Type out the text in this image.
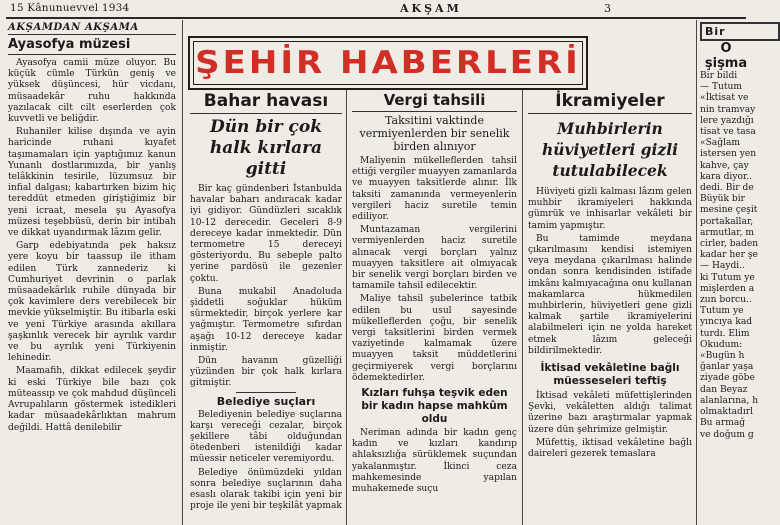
15 Kânunuevvel 1934	AKŞAM	3
AKŞAMDAN AKŞAMA
Ayasofya müzesi

Ayasofya camii müze oluyor. Bu küçük cümle Türkün geniş ve yüksek düşüncesi, hür vicdanı, müsaadekâr ruhu hakkında yazılacak cilt cilt eserlerden çok kuvvetli ve beliğdir.

Ruhaniler kilise dışında ve ayin haricinde ruhani kıyafet taşımamaları için yaptığımız kanun Yunanlı dostlarımızda, bir yanlış telâkkinin tesirile, lüzumsuz bir infial dalgası; kabartırken bizim hiç tereddüt etmeden giriştiğimiz bir yeni icraat, mesela şu Ayasofya müzesi teşebbüsü, derin bir intibah ve dikkat uyandırmak lâzım gelir.

Garp edebiyatında pek haksız yere koyu bir taassup ile itham edilen Türk zannederiz ki Cumhuriyet devrinin o parlak müsaadekârlık ruhile dünyada bir çok kavimlere ders verebilecek bir mevkie yükselmiştir. Bu itibarla eski ve yeni Türkiye arasında akıllara şaşkınlık verecek bir ayrılık vardır ve bu ayrılık yeni Türkiyenin lehinedir.

Maamafih, dikkat edilecek şeydir ki eski Türkiye bile bazı çok müteassıp ve çok mahdud düşünceli Avrupalıların göstermek istedikleri kadar müsaadekârlıktan mahrum değildi. Hattâ denilebilir

ŞEHİR HABERLERİ
Bahar havası
Dün bir çok halk kırlara gitti

Bir kaç gündenberi İstanbulda havalar baharı andıracak kadar iyi gidiyor. Gündüzleri sıcaklık 10-12 derecedir. Geceleri 8-9 dereceye kadar inmektedir. Dün termometre 15 dereceyi gösteriyordu. Bu sebeple palto yerine pardösü ile gezenler çoktu.

Buna mukabil Anadoluda şiddetli soğuklar hüküm sürmektedir, birçok yerlere kar yağmıştır. Termometre sıfırdan aşağı 10-12 dereceye kadar inmiştir.

Dün havanın güzelliği yüzünden bir çok halk kırlara gitmiştir.

Belediye suçları

Belediyenin belediye suçlarına karşı vereceği cezalar, birçok şekillere tâbi olduğundan ötedenberi istenildiği kadar müessir neticeler veremiyordu.

Belediye önümüzdeki yıldan sonra belediye suçlarının daha esaslı olarak takibi için yeni bir proje ile yeni bir teşkilât yapmak

Vergi tahsili
Taksitini vaktinde vermiyenlerden bir senelik birden alınıyor

Maliyenin mükelleflerden tahsil ettiği vergiler muayyen zamanlarda ve muayyen taksitlerde alınır. İlk taksiti zamanında vermeyenlerin vergileri haciz suretile temin ediliyor.

Muntazaman vergilerini vermiyenlerden haciz suretile alınacak vergi borçları yalnız muayyen taksitlere ait olmıyacak bir senelik vergi borçları birden ve tamamile tahsil edilecektir.

Maliye tahsil şubelerince tatbik edilen bu usul sayesinde mükelleflerden çoğu, bir senelik vergi taksitlerini birden vermek vaziyetinde kalmamak üzere muayyen taksit müddetlerini geçirmiyerek vergi borçlarını ödemektedirler.

Kızları fuhşa teşvik eden bir kadın hapse mahkûm oldu

Neriman adında bir kadın genç kadın ve kızları kandırıp ahlaksızlığa sürüklemek suçundan yakalanmıştır. İkinci ceza mahkemesinde yapılan muhakemede suçu

İkramiyeler
Muhbirlerin hüviyetleri gizli tutulabilecek

Hüviyeti gizli kalması lâzım gelen muhbir ikramiyeleri hakkında gümrük ve inhisarlar vekâleti bir tamim yapmıştır.

Bu tamimde meydana çıkarılmasını kendisi istemiyen veya meydana çıkarılması halinde ondan sonra kendisinden istifade imkânı kalmıyacağına onu kullanan makamlarca hükmedilen muhbirlerin, hüviyetleri gene gizli kalmak şartile ikramiyelerini alabilmeleri için ne yolda hareket etmek lâzım geleceği bildirilmektedir.

İktisad vekâletine bağlı müesseseleri teftiş

İktisad vekâleti müfettişlerinden Şevki, vekâletten aldığı talimat üzerine bazı araştırmalar yapmak üzere dün şehrimize gelmiştir.

Müfettiş, iktisad vekâletine bağlı daireleri gezerek temaslara

Bir
O
şişma
Bir bildi
— Tutum
«İktisat ve
nin tramvay
lere yazdığı
tisat ve tasa
«Sağlam
istersen yen
kahve, çay
kara diyor..
dedi. Bir de
Büyük bir
mesine çeşit
portakallar,
armutlar, m
cirler, baden
kadar her şe
— Haydi..
ki Tutum ye
mişlerden a
zun borcu..
Tutum ye
yıncıya kad
turdı. Elim
Okudum:
«Bugün h
ğanlar yaşa
ziyade göbe
dan Beyaz
alanlarına, h
olmaktadırl
Bu armağ
ve doğum g
